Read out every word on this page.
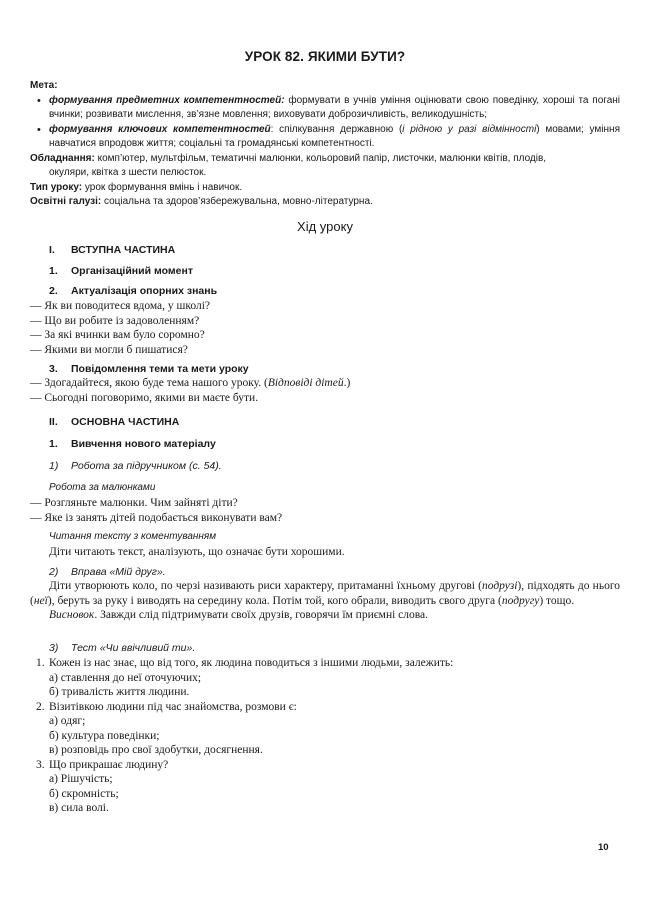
УРОК 82. ЯКИМИ БУТИ?
Мета:
• формування предметних компетентностей: формувати в учнів уміння оцінювати свою поведінку, хороші та погані вчинки; розвивати мислення, зв’язне мовлення; виховувати доброзичливість, великодушність;
• формування ключових компетентностей: спілкування державною (і рідною у разі відмінності) мовами; уміння навчатися впродовж життя; соціальні та громадянські компетентності.
Обладнання: комп’ютер, мультфільм, тематичні малюнки, кольоровий папір, листочки, малюнки квітів, плодів,
окуляри, квітка з шести пелюсток.
Тип уроку: урок формування вмінь і навичок.
Освітні галузі: соціальна та здоров’язбережувальна, мовно-літературна.
Хід уроку
I. ВСТУПНА ЧАСТИНА
1. Організаційний момент
2. Актуалізація опорних знань

— Як ви поводитеся вдома, у школі?

— Що ви робите із задоволенням?

— За які вчинки вам було соромно?

— Якими ви могли б пишатися?

3. Повідомлення теми та мети уроку

— Здогадайтеся, якою буде тема нашого уроку. (Відповіді дітей.)

— Сьогодні поговоримо, якими ви маєте бути.

II. ОСНОВНА ЧАСТИНА
1. Вивчення нового матеріалу
1) Робота за підручником (с. 54).
Робота за малюнками

— Розгляньте малюнки. Чим зайняті діти?

— Яке із занять дітей подобається виконувати вам?

Читання тексту з коментуванням
Діти читають текст, аналізують, що означає бути хорошими.
2) Вправа «Мій друг».

Діти утворюють коло, по черзі називають риси характеру, притаманні їхньому другові (подрузі), підходять до нього (неї), беруть за руку і виводять на середину кола. Потім той, кого обрали, виводить свого друга (подругу) тощо.

Висновок. Завжди слід підтримувати своїх друзів, говорячи їм приємні слова.

3) Тест «Чи ввічливий ти».

1. Кожен із нас знає, що від того, як людина поводиться з іншими людьми, залежить:

а) ставлення до неї оточуючих;

б) тривалість життя людини.

2. Візитівкою людини під час знайомства, розмови є:

а) одяг;

б) культура поведінки;

в) розповідь про свої здобутки, досягнення.

3. Що прикрашає людину?

а) Рішучість;

б) скромність;

в) сила волі.

10
